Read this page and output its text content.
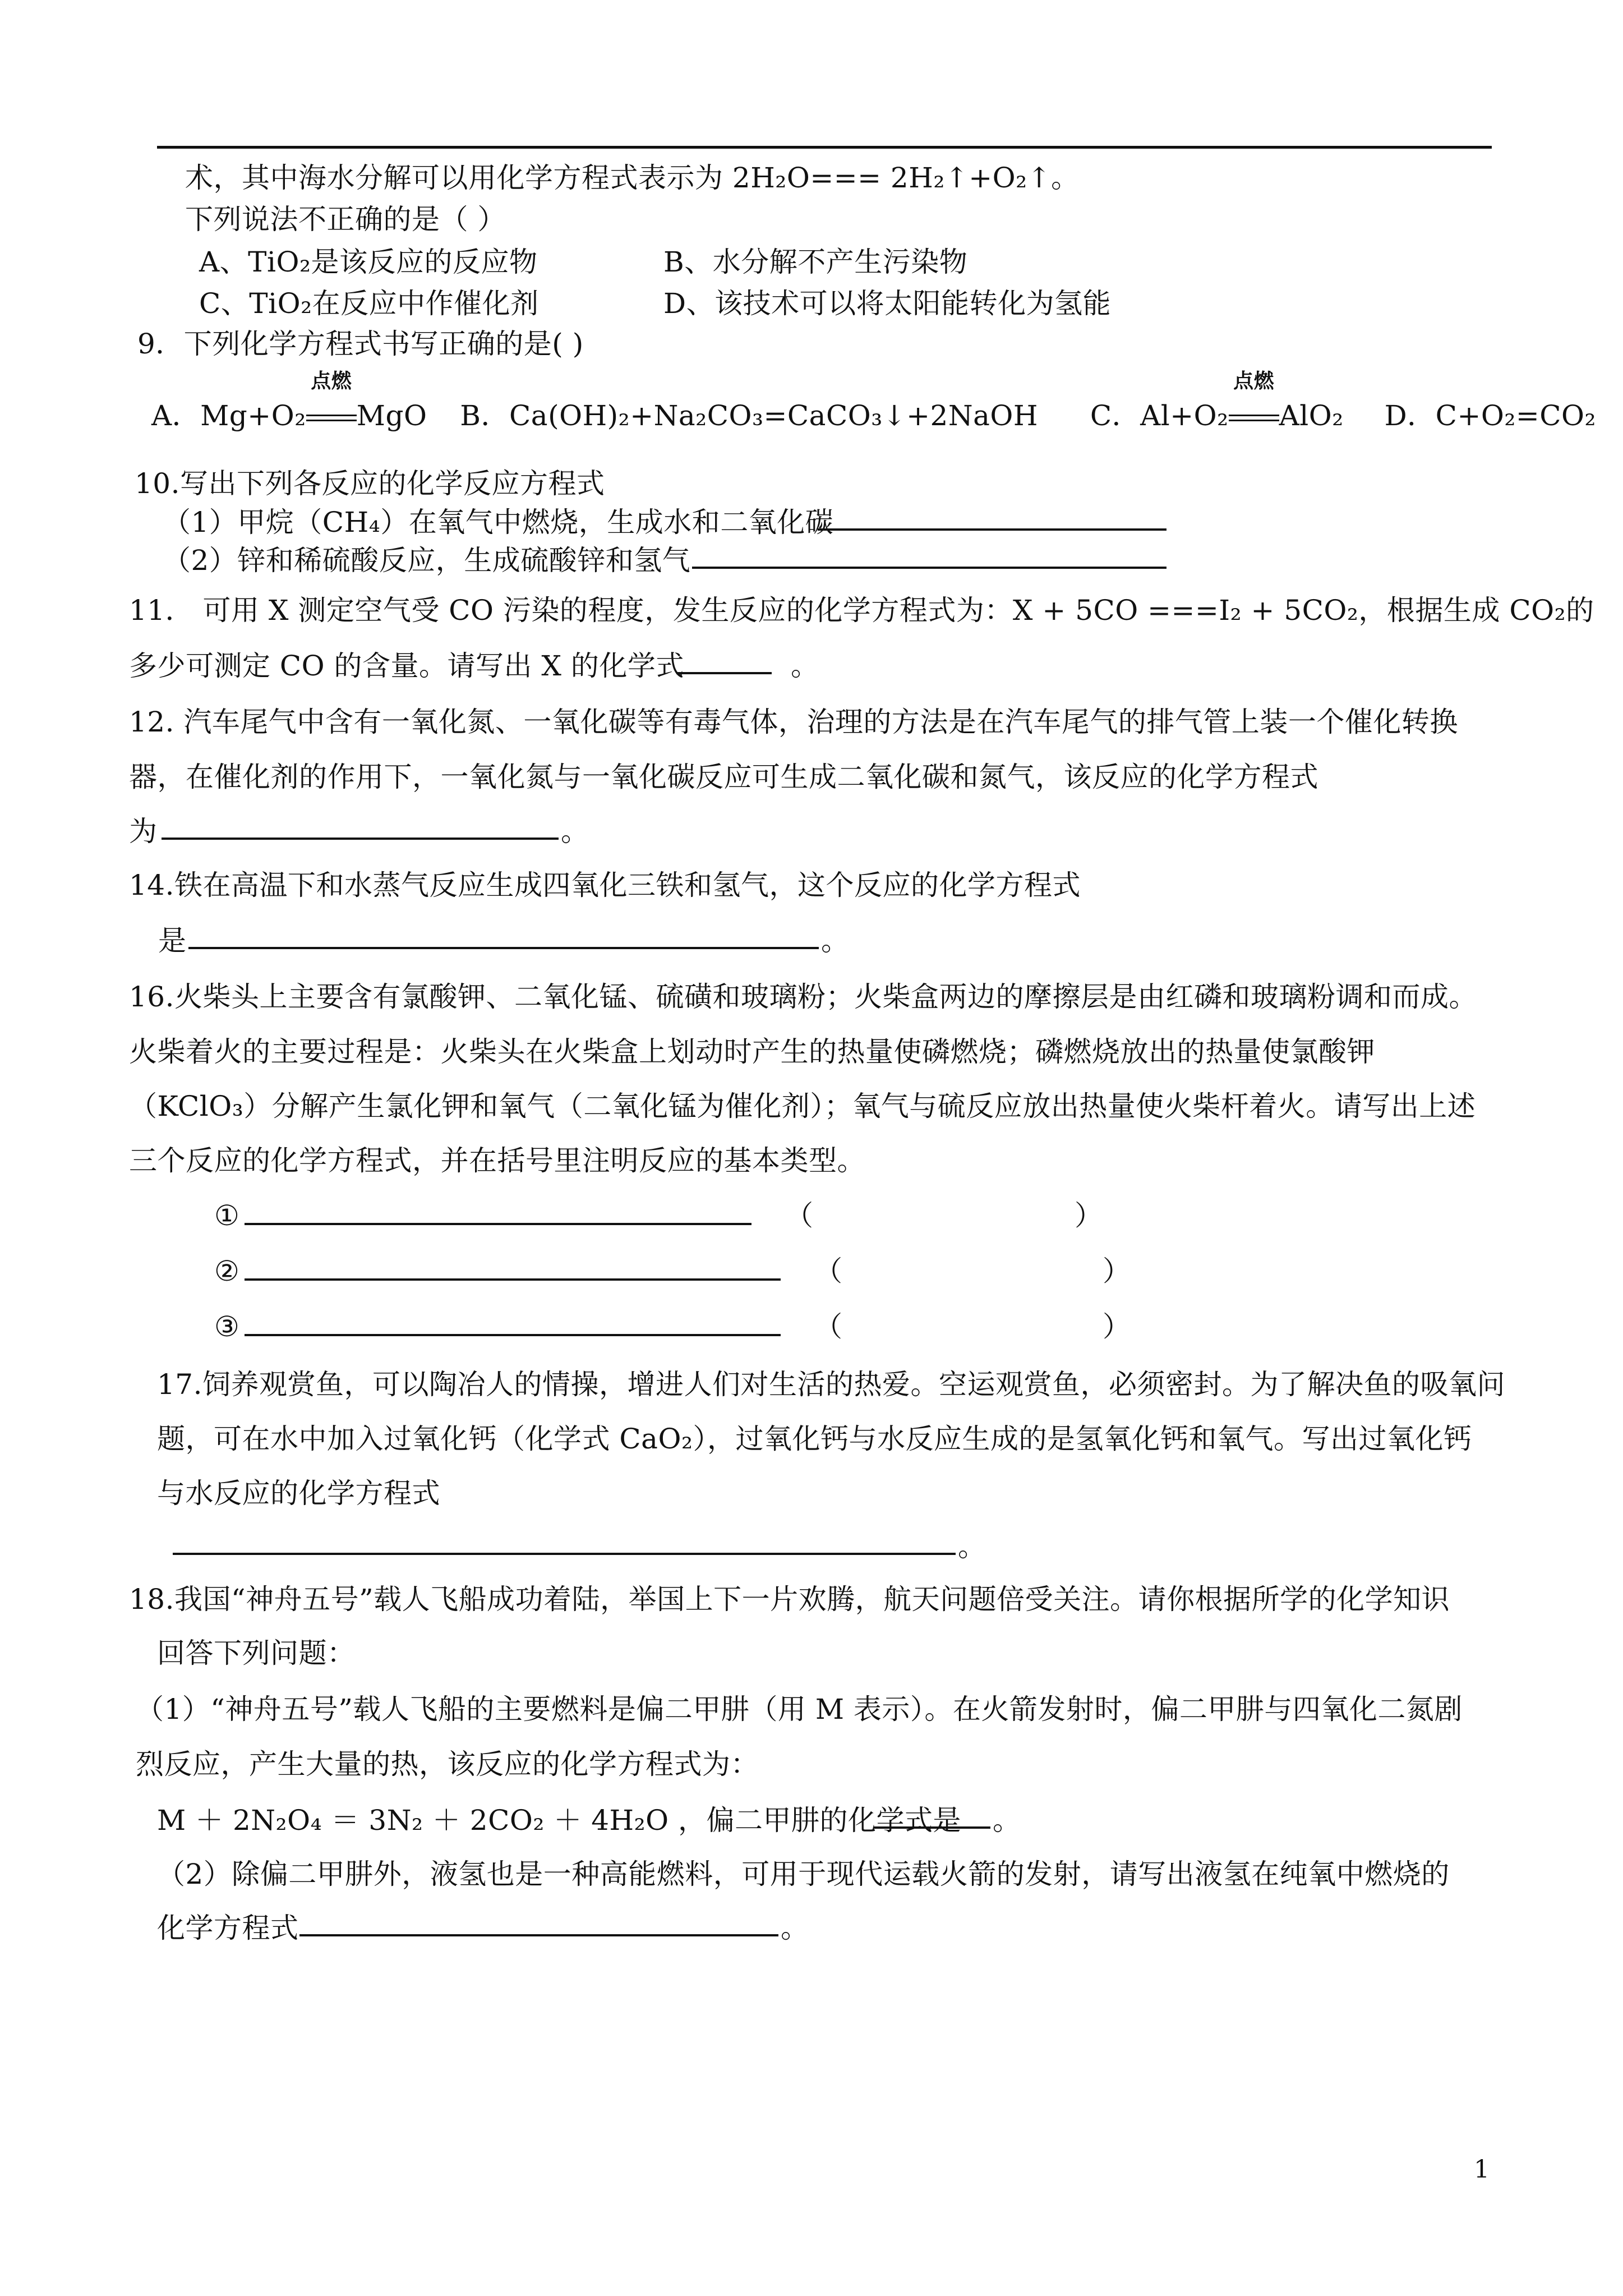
术，其中海水分解可以用化学方程式表示为 2H₂O=== 2H₂↑+O₂↑。
下列说法不正确的是（ ）
A、TiO₂是该反应的反应物	B、水分解不产生污染物
C、TiO₂在反应中作催化剂	D、该技术可以将太阳能转化为氢能
9．下列化学方程式书写正确的是( )
10.写出下列各反应的化学反应方程式
（1）甲烷（CH₄）在氧气中燃烧，生成水和二氧化碳
（2）锌和稀硫酸反应，生成硫酸锌和氢气
11． 可用 X 测定空气受 CO 污染的程度，发生反应的化学方程式为：X + 5CO ===I₂ + 5CO₂，根据生成 CO₂的
多少可测定 CO 的含量。请写出 X 的化学式
12. 汽车尾气中含有一氧化氮、一氧化碳等有毒气体，治理的方法是在汽车尾气的排气管上装一个催化转换
器，在催化剂的作用下，一氧化氮与一氧化碳反应可生成二氧化碳和氮气，该反应的化学方程式
为
14.铁在高温下和水蒸气反应生成四氧化三铁和氢气，这个反应的化学方程式
是
16.火柴头上主要含有氯酸钾、二氧化锰、硫磺和玻璃粉；火柴盒两边的摩擦层是由红磷和玻璃粉调和而成。
火柴着火的主要过程是：火柴头在火柴盒上划动时产生的热量使磷燃烧；磷燃烧放出的热量使氯酸钾
（KClO₃）分解产生氯化钾和氧气（二氧化锰为催化剂）；氧气与硫反应放出热量使火柴杆着火。请写出上述
三个反应的化学方程式，并在括号里注明反应的基本类型。
17.饲养观赏鱼，可以陶冶人的情操，增进人们对生活的热爱。空运观赏鱼，必须密封。为了解决鱼的吸氧问
题，可在水中加入过氧化钙（化学式 CaO₂），过氧化钙与水反应生成的是氢氧化钙和氧气。写出过氧化钙
与水反应的化学方程式
18.我国“神舟五号”载人飞船成功着陆，举国上下一片欢腾，航天问题倍受关注。请你根据所学的化学知识
回答下列问题：
（1）“神舟五号”载人飞船的主要燃料是偏二甲肼（用 M 表示）。在火箭发射时，偏二甲肼与四氧化二氮剧
烈反应，产生大量的热，该反应的化学方程式为：
M ＋ 2N₂O₄ ＝ 3N₂ ＋ 2CO₂ ＋ 4H₂O ，偏二甲肼的化学式是
（2）除偏二甲肼外，液氢也是一种高能燃料，可用于现代运载火箭的发射，请写出液氢在纯氧中燃烧的
化学方程式
A．Mg+O₂
点燃
MgO B．Ca(OH)₂+Na₂CO₃=CaCO₃↓+2NaOH C．Al+O₂
点燃
AlO₂ D．C+O₂=CO₂
。
。
。
①	（	）
②	（	）
③	（	）
。
。
。
1
